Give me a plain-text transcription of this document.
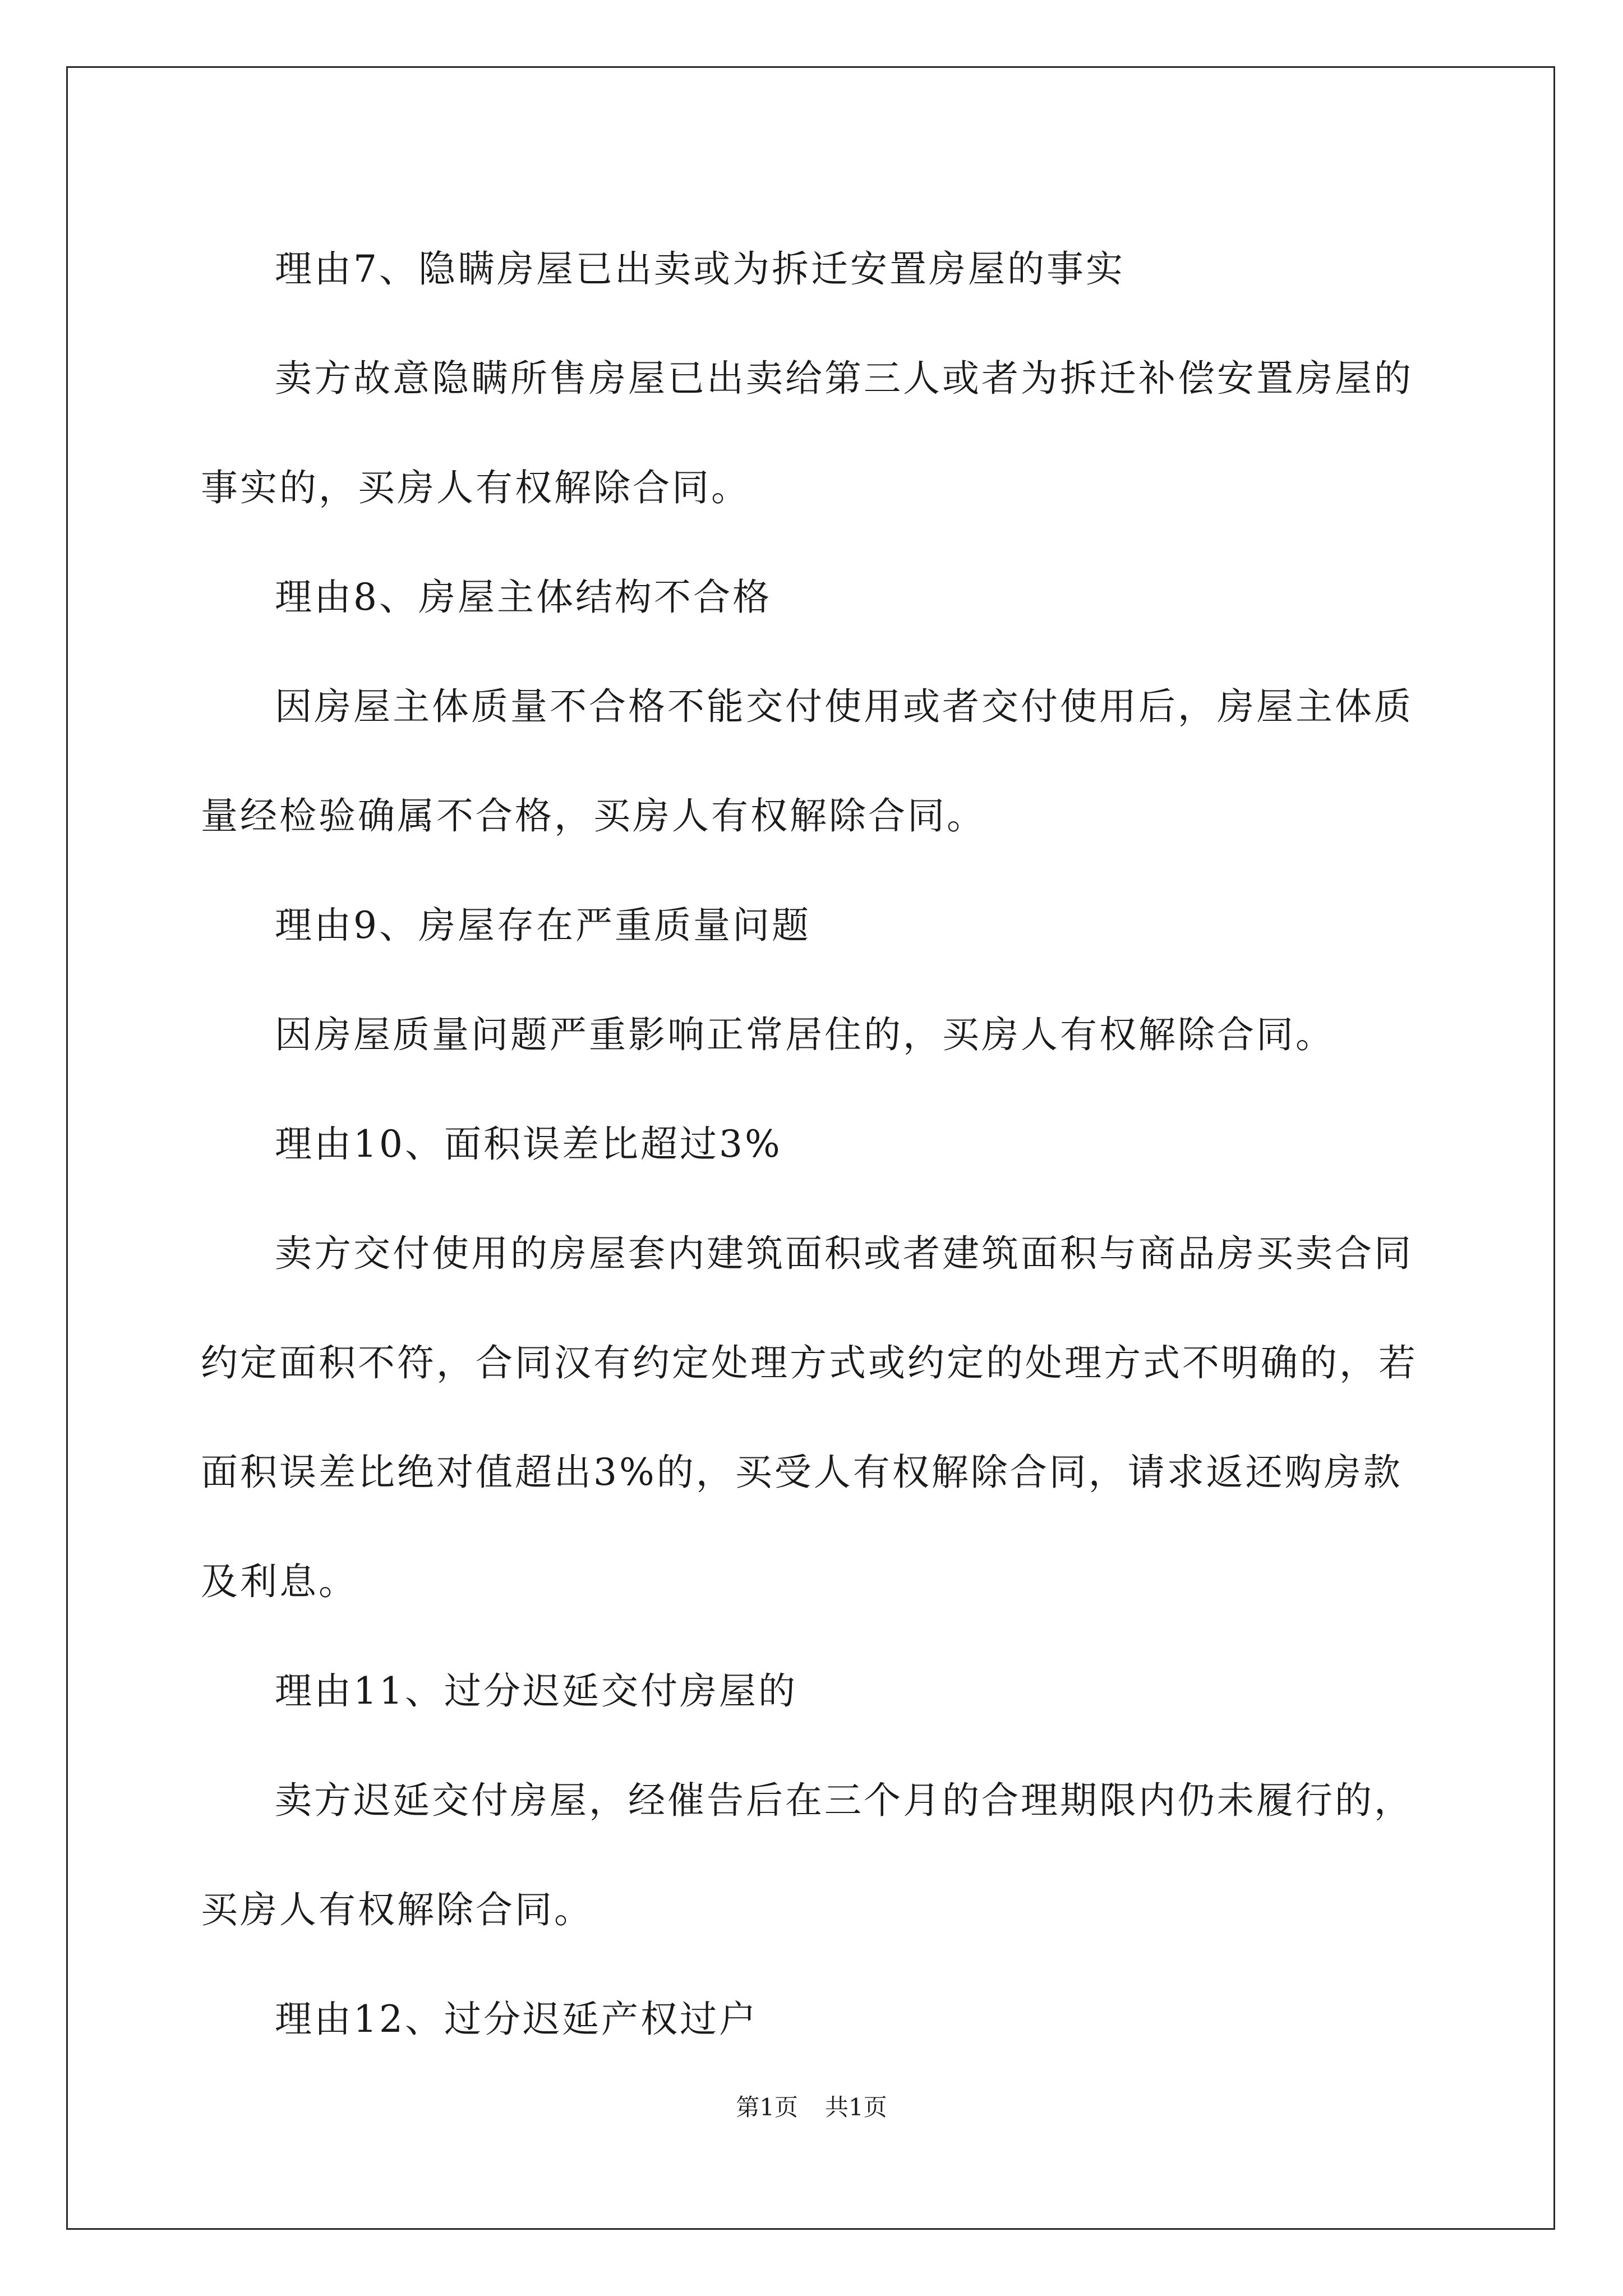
理由7、隐瞒房屋已出卖或为拆迁安置房屋的事实

卖方故意隐瞒所售房屋已出卖给第三人或者为拆迁补偿安置房屋的事实的，买房人有权解除合同。

理由8、房屋主体结构不合格

因房屋主体质量不合格不能交付使用或者交付使用后，房屋主体质量经检验确属不合格，买房人有权解除合同。

理由9、房屋存在严重质量问题

因房屋质量问题严重影响正常居住的，买房人有权解除合同。

理由10、面积误差比超过3%

卖方交付使用的房屋套内建筑面积或者建筑面积与商品房买卖合同约定面积不符，合同汉有约定处理方式或约定的处理方式不明确的，若面积误差比绝对值超出3%的，买受人有权解除合同，请求返还购房款及利息。

理由11、过分迟延交付房屋的

卖方迟延交付房屋，经催告后在三个月的合理期限内仍未履行的，买房人有权解除合同。

理由12、过分迟延产权过户

第1页 共1页
